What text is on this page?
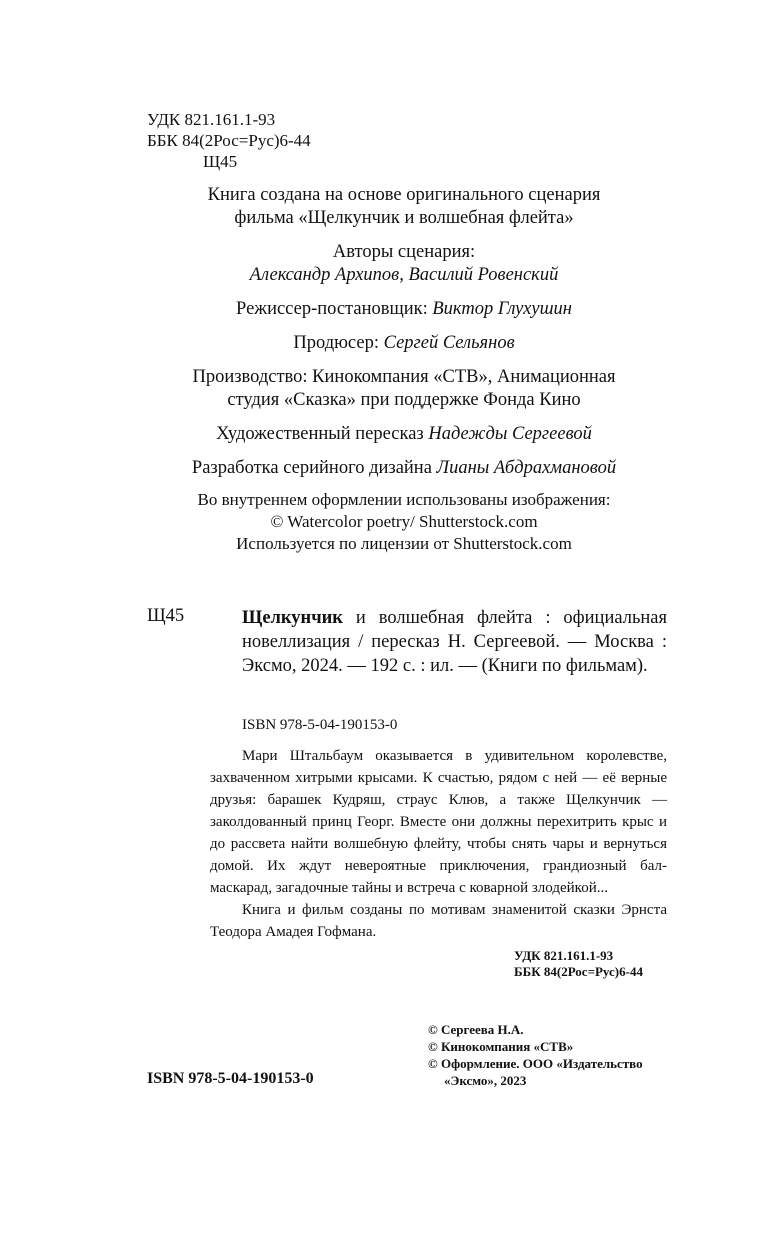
УДК 821.161.1-93
ББК 84(2Рос=Рус)6-44
Щ45

Книга создана на основе оригинального сценария

фильма «Щелкунчик и волшебная флейта»

Авторы сценария:

Александр Архипов, Василий Ровенский

Режиссер-постановщик: Виктор Глухушин

Продюсер: Сергей Сельянов

Производство: Кинокомпания «СТВ», Анимационная

студия «Сказка» при поддержке Фонда Кино

Художественный пересказ Надежды Сергеевой

Разработка серийного дизайна Лианы Абдрахмановой

Во внутреннем оформлении использованы изображения:

© Watercolor poetry/ Shutterstock.com

Используется по лицензии от Shutterstock.com

Щ45	Щелкунчик и волшебная флейта : официальная новеллизация / пересказ Н. Сергеевой. — Москва : Эксмо, 2024. — 192 с. : ил. — (Книги по фильмам).
ISBN 978-5-04-190153-0

Мари Штальбаум оказывается в удивительном королевстве, захваченном хитрыми крысами. К счастью, рядом с ней — её верные друзья: барашек Кудряш, страус Клюв, а также Щелкунчик — заколдованный принц Георг. Вместе они должны перехитрить крыс и до рассвета найти волшебную флейту, чтобы снять чары и вернуться домой. Их ждут невероятные приключения, грандиозный бал-маскарад, загадочные тайны и встреча с коварной злодейкой...

Книга и фильм созданы по мотивам знаменитой сказки Эрнста Теодора Амадея Гофмана.

УДК 821.161.1-93
ББК 84(2Рос=Рус)6-44
© Сергеева Н.А.
© Кинокомпания «СТВ»
© Оформление. ООО «Издательство
«Эксмо», 2023
ISBN 978-5-04-190153-0
